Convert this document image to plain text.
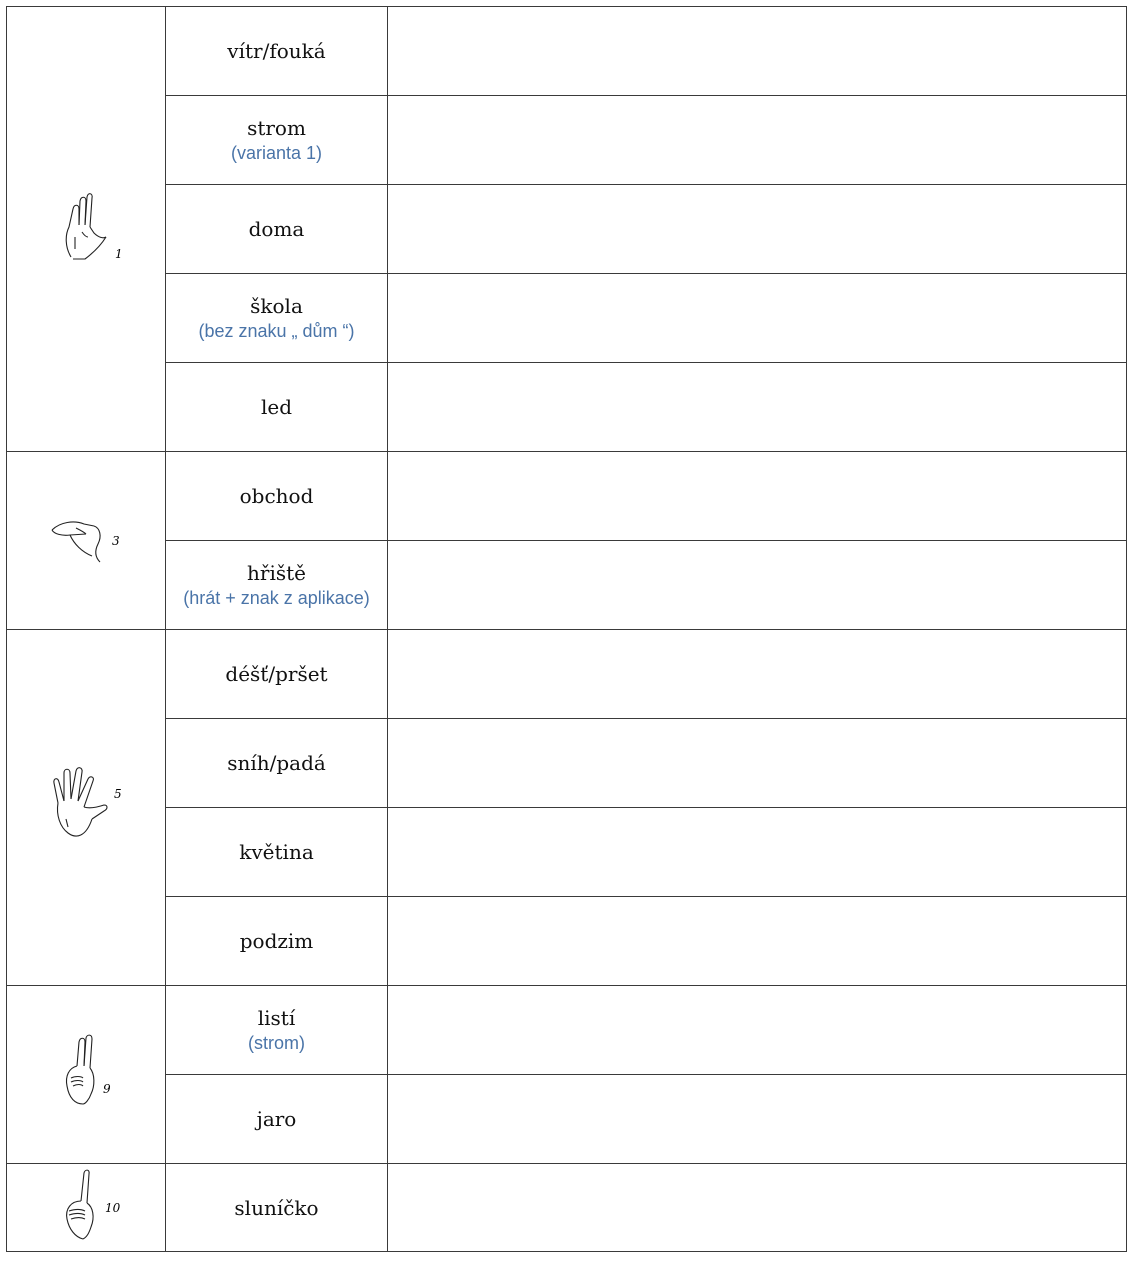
1	vítr/fouká	

	strom
(varianta 1)	

	doma	

	škola
(bez znaku „ dům “)	

	led	

3	obchod	

	hřiště
(hrát + znak z aplikace)	

5	déšť/pršet	

	sníh/padá	

	květina	

	podzim	

9	listí
(strom)	

	jaro	

10	sluníčko	
